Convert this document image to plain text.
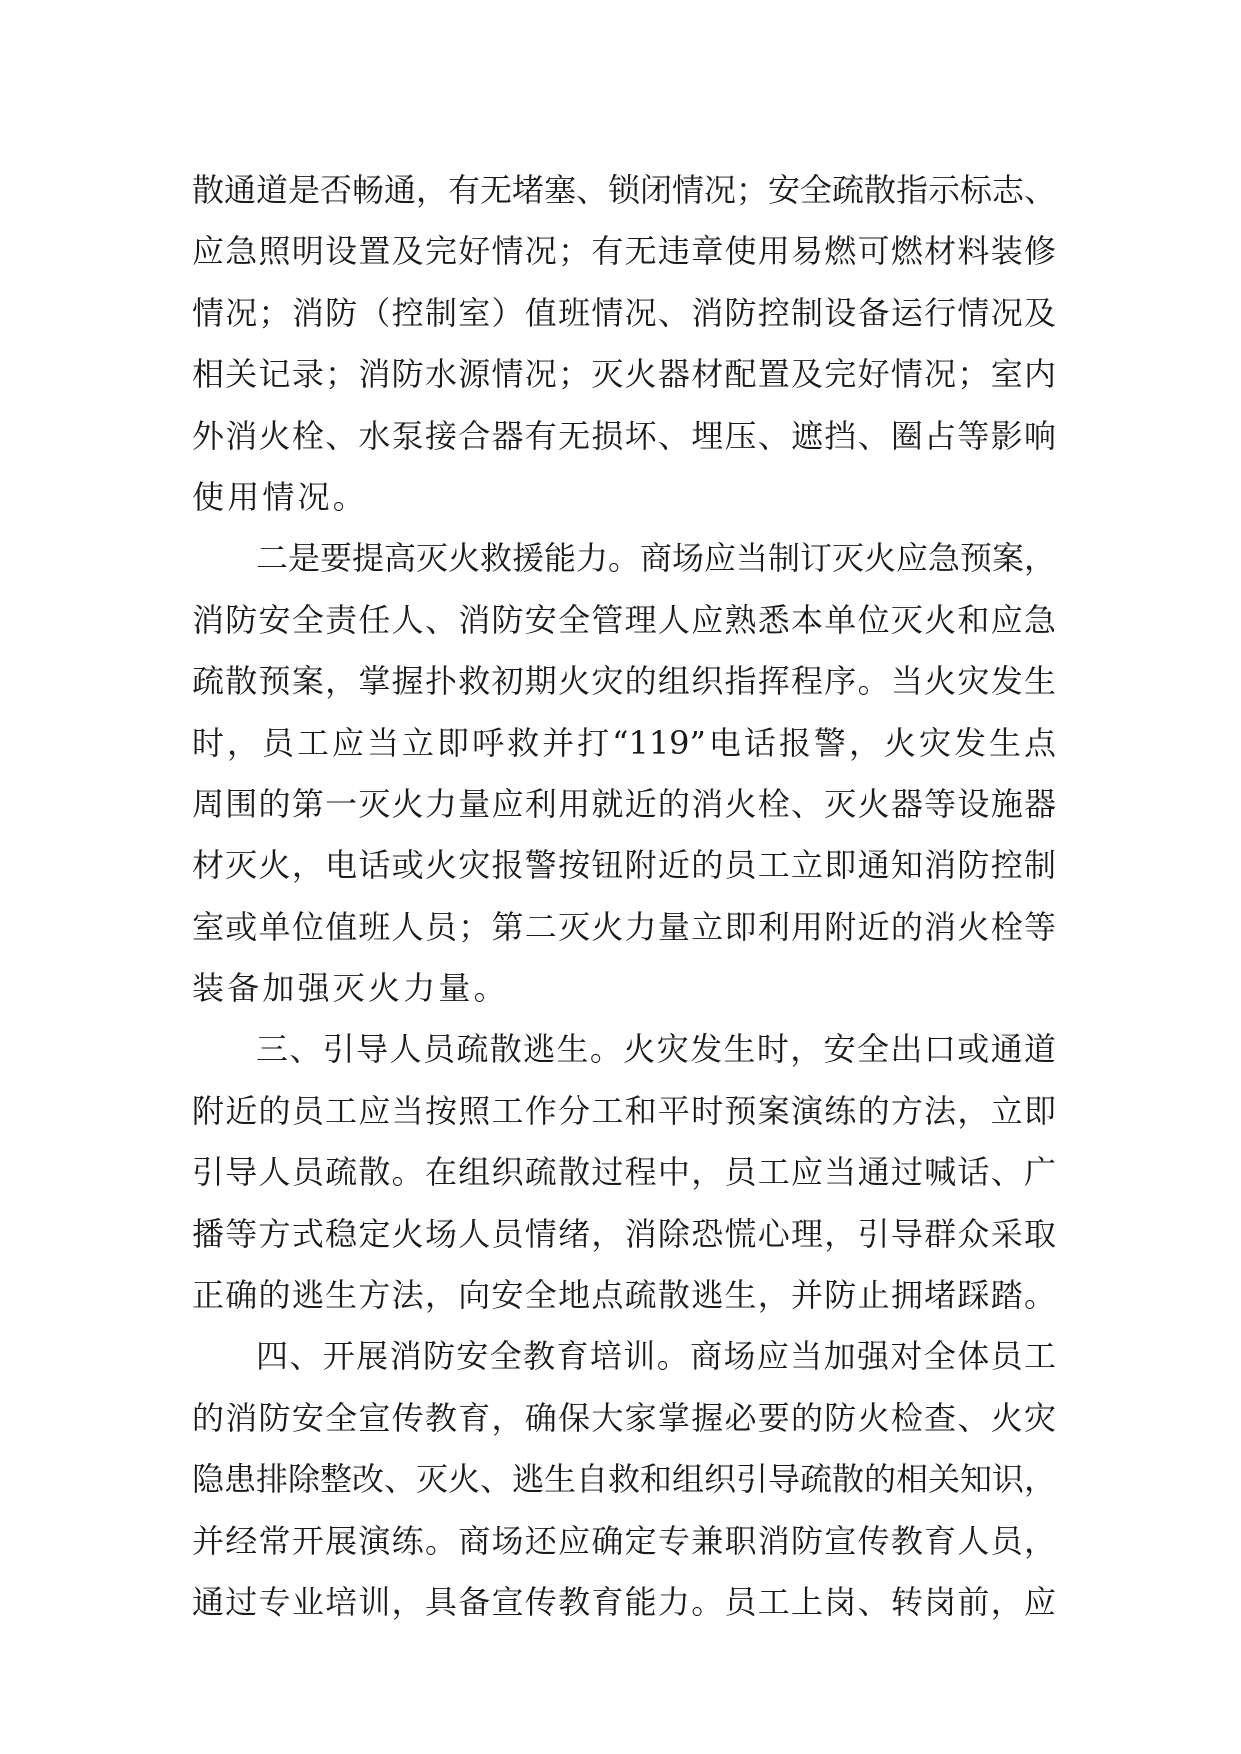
散通道是否畅通，有无堵塞、锁闭情况；安全疏散指示标志、
应急照明设置及完好情况；有无违章使用易燃可燃材料装修
情况；消防（控制室）值班情况、消防控制设备运行情况及
相关记录；消防水源情况；灭火器材配置及完好情况；室内
外消火栓、水泵接合器有无损坏、埋压、遮挡、圈占等影响
使用情况。
二是要提高灭火救援能力。商场应当制订灭火应急预案，
消防安全责任人、消防安全管理人应熟悉本单位灭火和应急
疏散预案，掌握扑救初期火灾的组织指挥程序。当火灾发生
时，员工应当立即呼救并打“119”电话报警，火灾发生点
周围的第一灭火力量应利用就近的消火栓、灭火器等设施器
材灭火，电话或火灾报警按钮附近的员工立即通知消防控制
室或单位值班人员；第二灭火力量立即利用附近的消火栓等
装备加强灭火力量。
三、引导人员疏散逃生。火灾发生时，安全出口或通道
附近的员工应当按照工作分工和平时预案演练的方法，立即
引导人员疏散。在组织疏散过程中，员工应当通过喊话、广
播等方式稳定火场人员情绪，消除恐慌心理，引导群众采取
正确的逃生方法，向安全地点疏散逃生，并防止拥堵踩踏。
四、开展消防安全教育培训。商场应当加强对全体员工
的消防安全宣传教育，确保大家掌握必要的防火检查、火灾
隐患排除整改、灭火、逃生自救和组织引导疏散的相关知识，
并经常开展演练。商场还应确定专兼职消防宣传教育人员，
通过专业培训，具备宣传教育能力。员工上岗、转岗前，应
